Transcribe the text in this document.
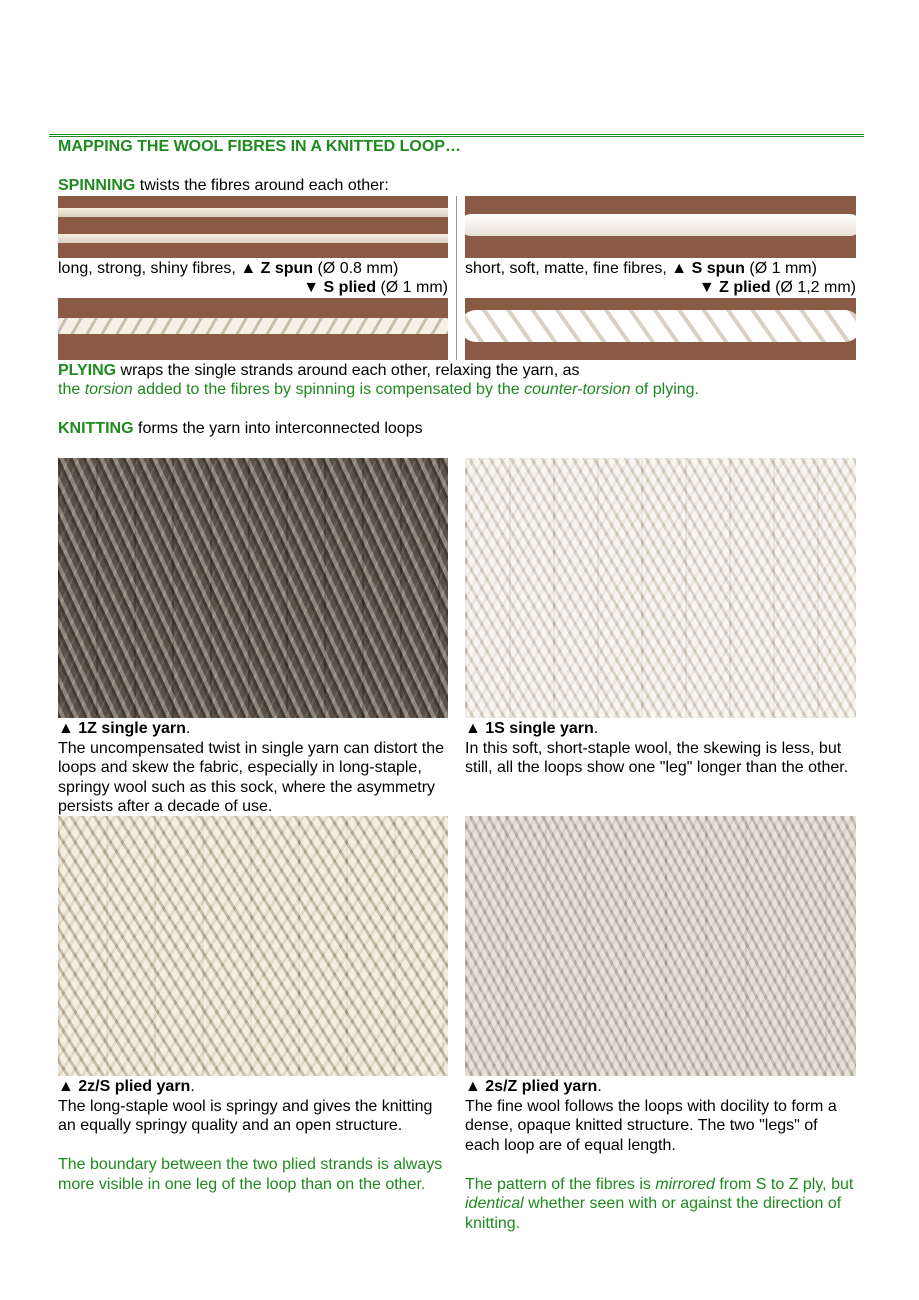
MAPPING THE WOOL FIBRES IN A KNITTED LOOP…
SPINNING twists the fibres around each other:
long, strong, shiny fibres, ▲ Z spun (Ø 0.8 mm)
▼ S plied (Ø 1 mm)
short, soft, matte, fine fibres, ▲ S spun (Ø 1 mm)
▼ Z plied (Ø 1,2 mm)
PLYING wraps the single strands around each other, relaxing the yarn, as
the torsion added to the fibres by spinning is compensated by the counter-torsion of plying.
KNITTING forms the yarn into interconnected loops
▲ 1Z single yarn.
The uncompensated twist in single yarn can distort the loops and skew the fabric, especially in long-staple, springy wool such as this sock, where the asymmetry persists after a decade of use.
▲ 1S single yarn.
In this soft, short-staple wool, the skewing is less, but still, all the loops show one "leg" longer than the other.
▲ 2z/S plied yarn.
The long-staple wool is springy and gives the knitting an equally springy quality and an open structure.
The boundary between the two plied strands is always more visible in one leg of the loop than on the other.
▲ 2s/Z plied yarn.
The fine wool follows the loops with docility to form a dense, opaque knitted structure. The two "legs" of each loop are of equal length.
The pattern of the fibres is mirrored from S to Z ply, but identical whether seen with or against the direction of knitting.
